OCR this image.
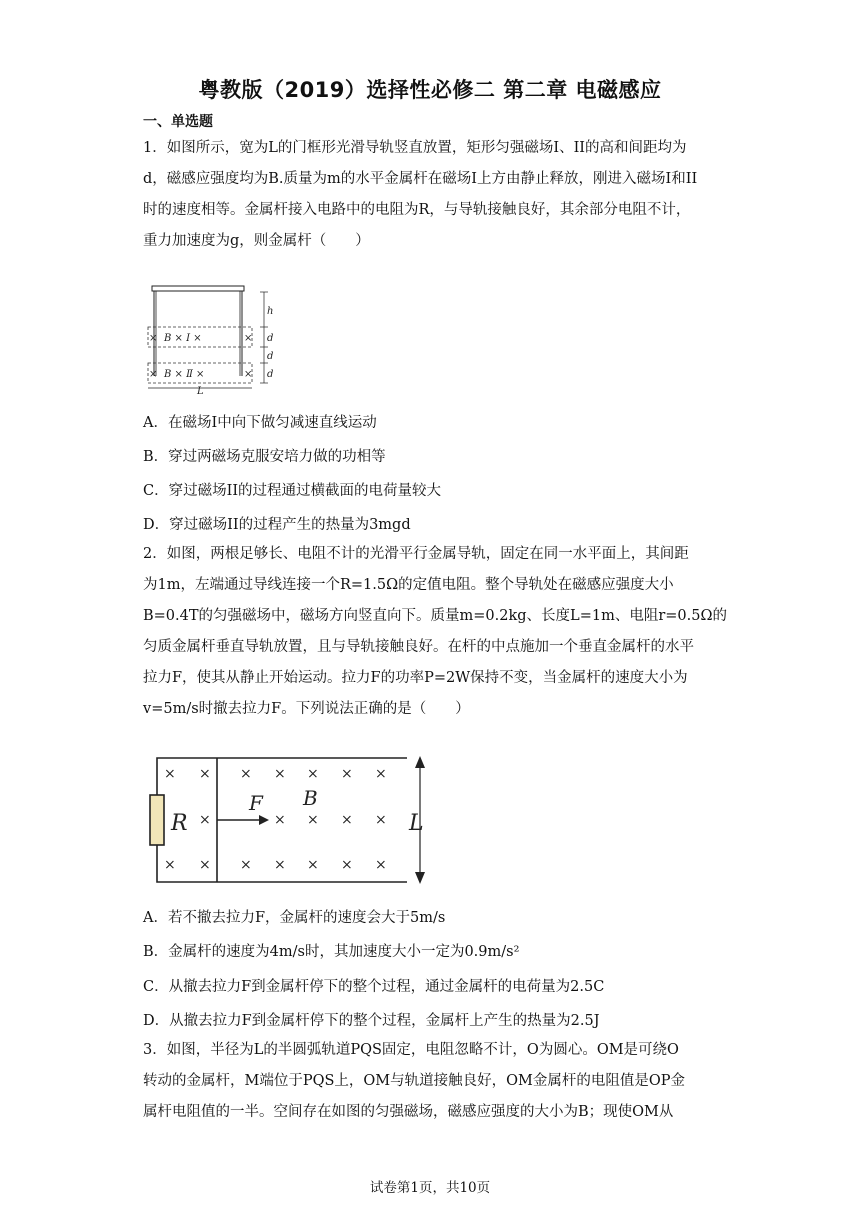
粤教版（2019）选择性必修二 第二章 电磁感应
一、单选题
1．如图所示，宽为L的门框形光滑导轨竖直放置，矩形匀强磁场I、II的高和间距均为
d，磁感应强度均为B.质量为m的水平金属杆在磁场I上方由静止释放，刚进入磁场I和II
时的速度相等。金属杆接入电路中的电阻为R，与导轨接触良好，其余部分电阻不计，
重力加速度为g，则金属杆（　　）
×	×
B × Ⅰ ×
×	×
B × Ⅱ ×
h
d
d
d
L
A．在磁场I中向下做匀减速直线运动
B．穿过两磁场克服安培力做的功相等
C．穿过磁场II的过程通过横截面的电荷量较大
D．穿过磁场II的过程产生的热量为3mgd
2．如图，两根足够长、电阻不计的光滑平行金属导轨，固定在同一水平面上，其间距
为1m，左端通过导线连接一个R=1.5Ω的定值电阻。整个导轨处在磁感应强度大小
B=0.4T的匀强磁场中，磁场方向竖直向下。质量m=0.2kg、长度L=1m、电阻r=0.5Ω的
匀质金属杆垂直导轨放置，且与导轨接触良好。在杆的中点施加一个垂直金属杆的水平
拉力F，使其从静止开始运动。拉力F的功率P=2W保持不变，当金属杆的速度大小为
v=5m/s时撤去拉力F。下列说法正确的是（　　）
× × × × × × ×
×	× × × ×
× × × × × × ×
R
F B
L
A．若不撤去拉力F，金属杆的速度会大于5m/s
B．金属杆的速度为4m/s时，其加速度大小一定为0.9m/s²
C．从撤去拉力F到金属杆停下的整个过程，通过金属杆的电荷量为2.5C
D．从撤去拉力F到金属杆停下的整个过程，金属杆上产生的热量为2.5J
3．如图，半径为L的半圆弧轨道PQS固定，电阻忽略不计，O为圆心。OM是可绕O
转动的金属杆，M端位于PQS上，OM与轨道接触良好，OM金属杆的电阻值是OP金
属杆电阻值的一半。空间存在如图的匀强磁场，磁感应强度的大小为B；现使OM从
试卷第1页，共10页
